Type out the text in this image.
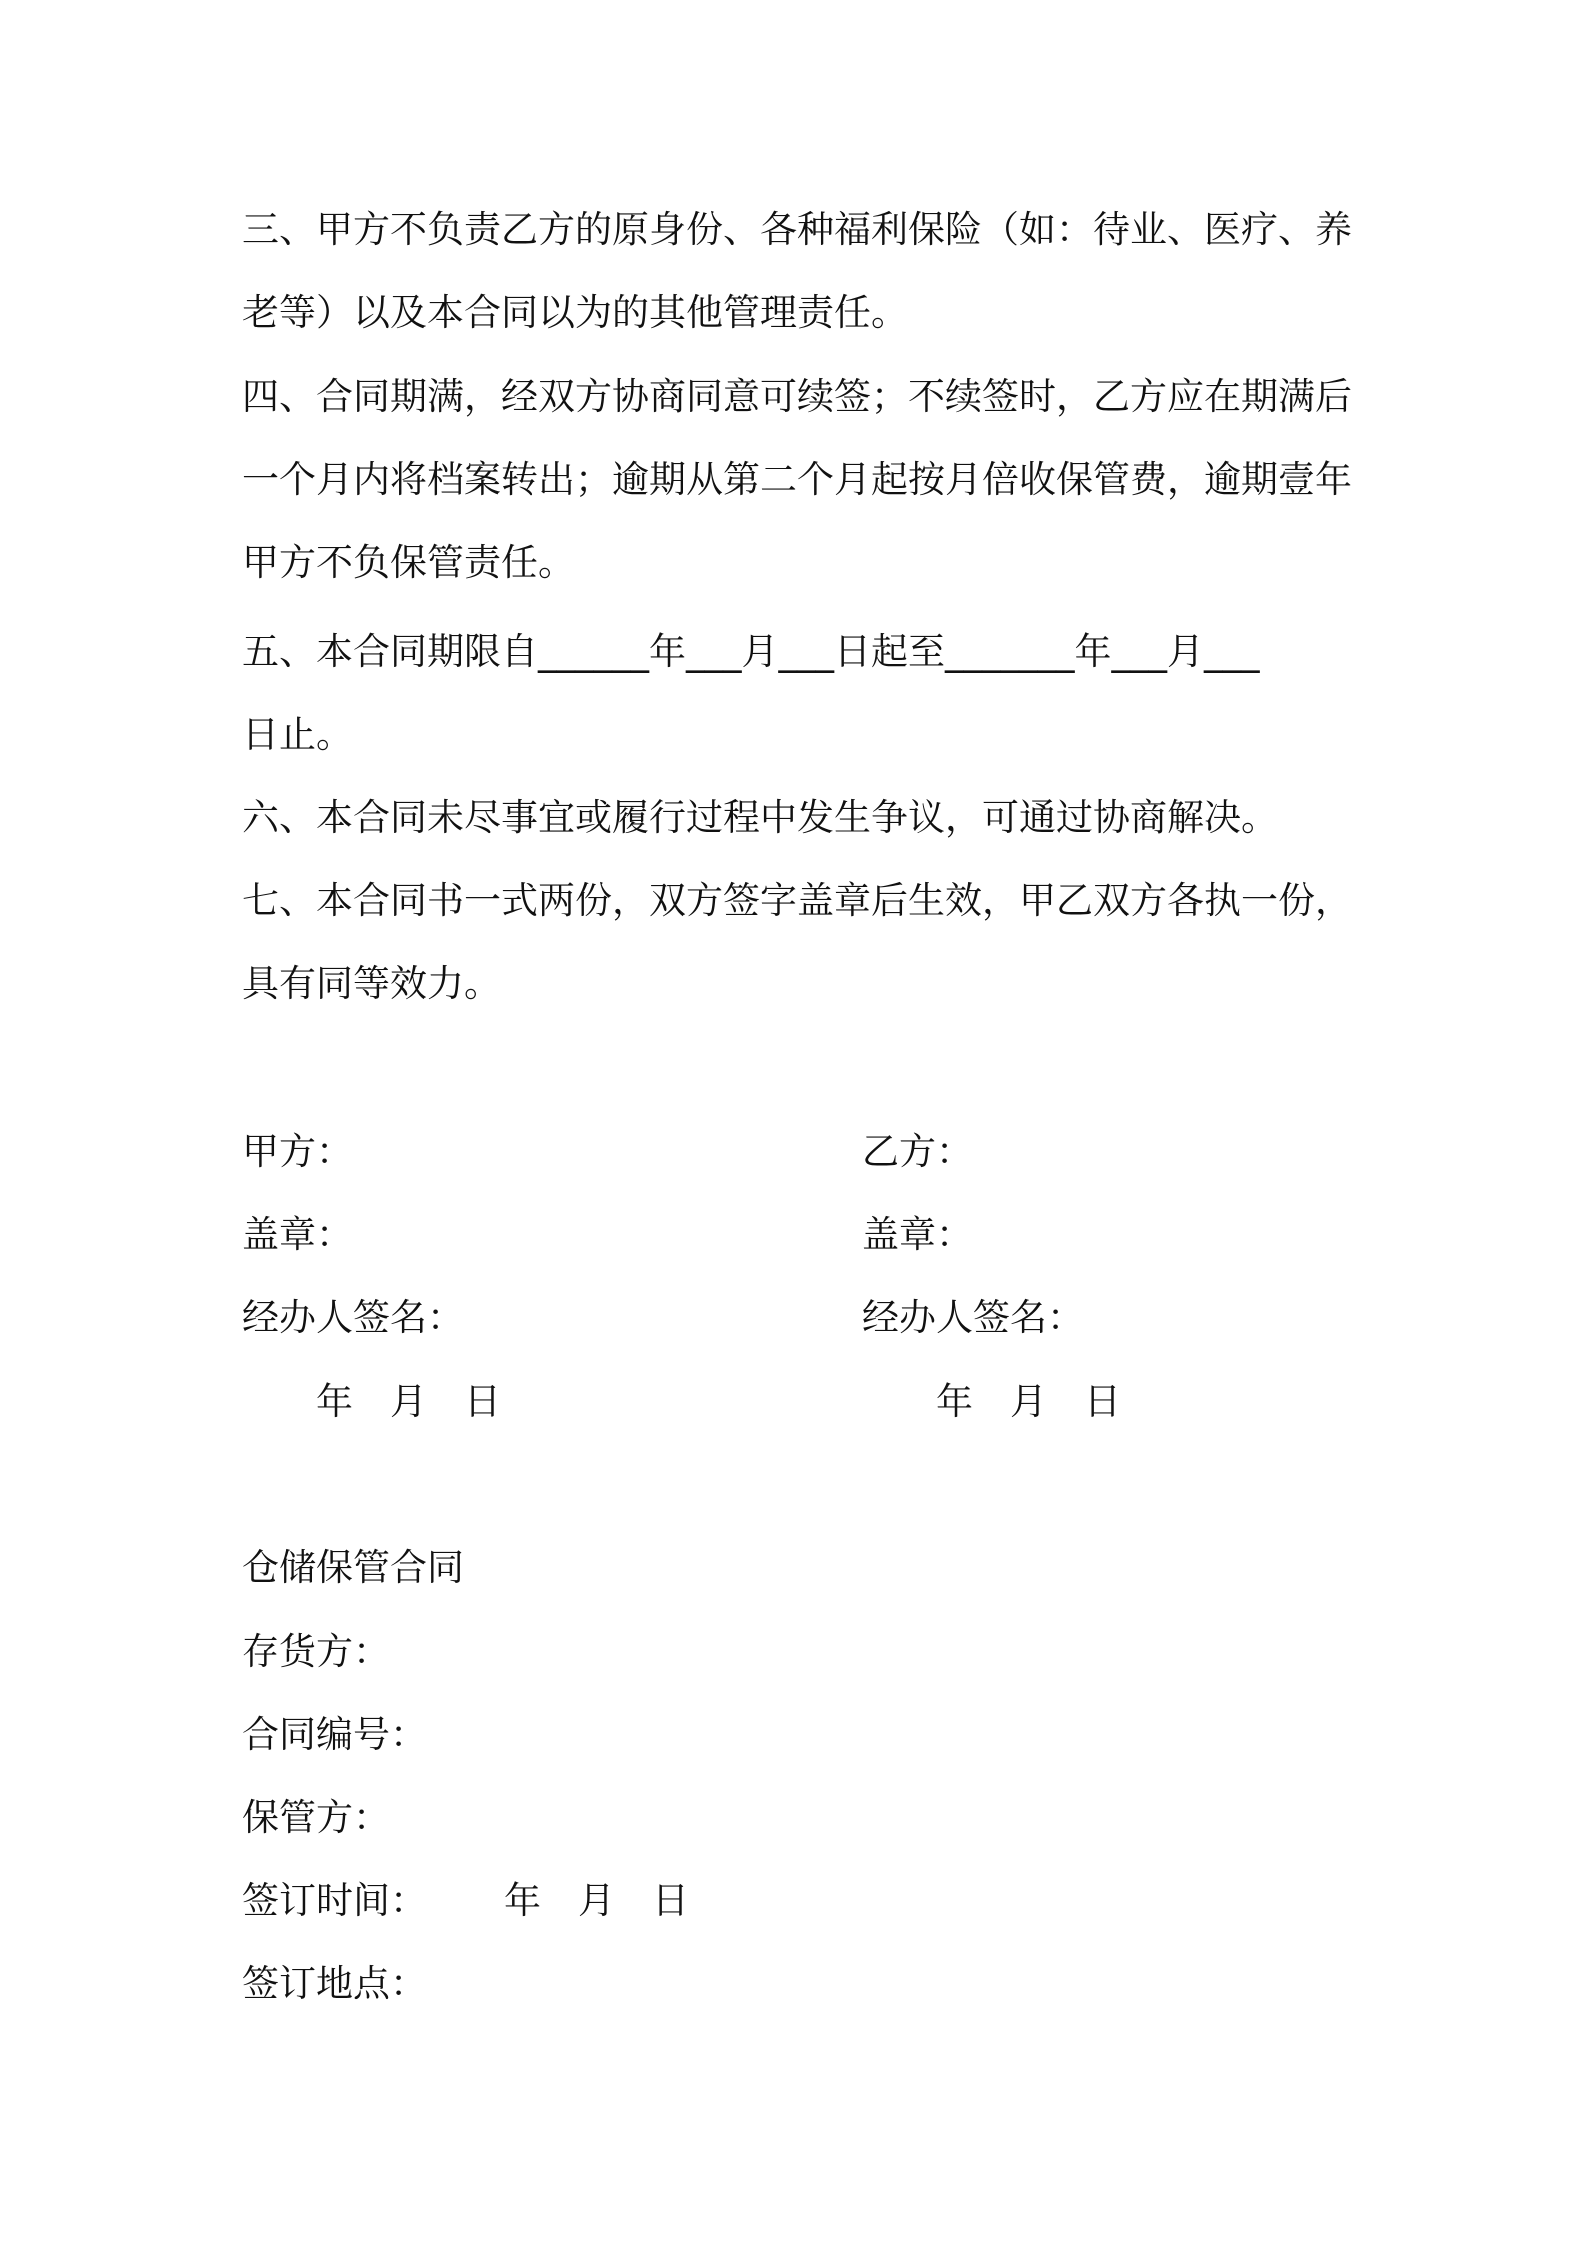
三、甲方不负责乙方的原身份、各种福利保险（如：待业、医疗、养
老等）以及本合同以为的其他管理责任。
四、合同期满，经双方协商同意可续签；不续签时，乙方应在期满后
一个月内将档案转出；逾期从第二个月起按月倍收保管费，逾期壹年
甲方不负保管责任。
五、本合同期限自______年___月___日起至_______年___月___
日止。
六、本合同未尽事宜或履行过程中发生争议，可通过协商解决。
七、本合同书一式两份，双方签字盖章后生效，甲乙双方各执一份，
具有同等效力。
甲方：	乙方：
盖章：	盖章：
经办人签名：	经办人签名：
年　月　日	年　月　日
仓储保管合同
存货方：
合同编号：
保管方：
签订时间：	年　月　日
签订地点：
